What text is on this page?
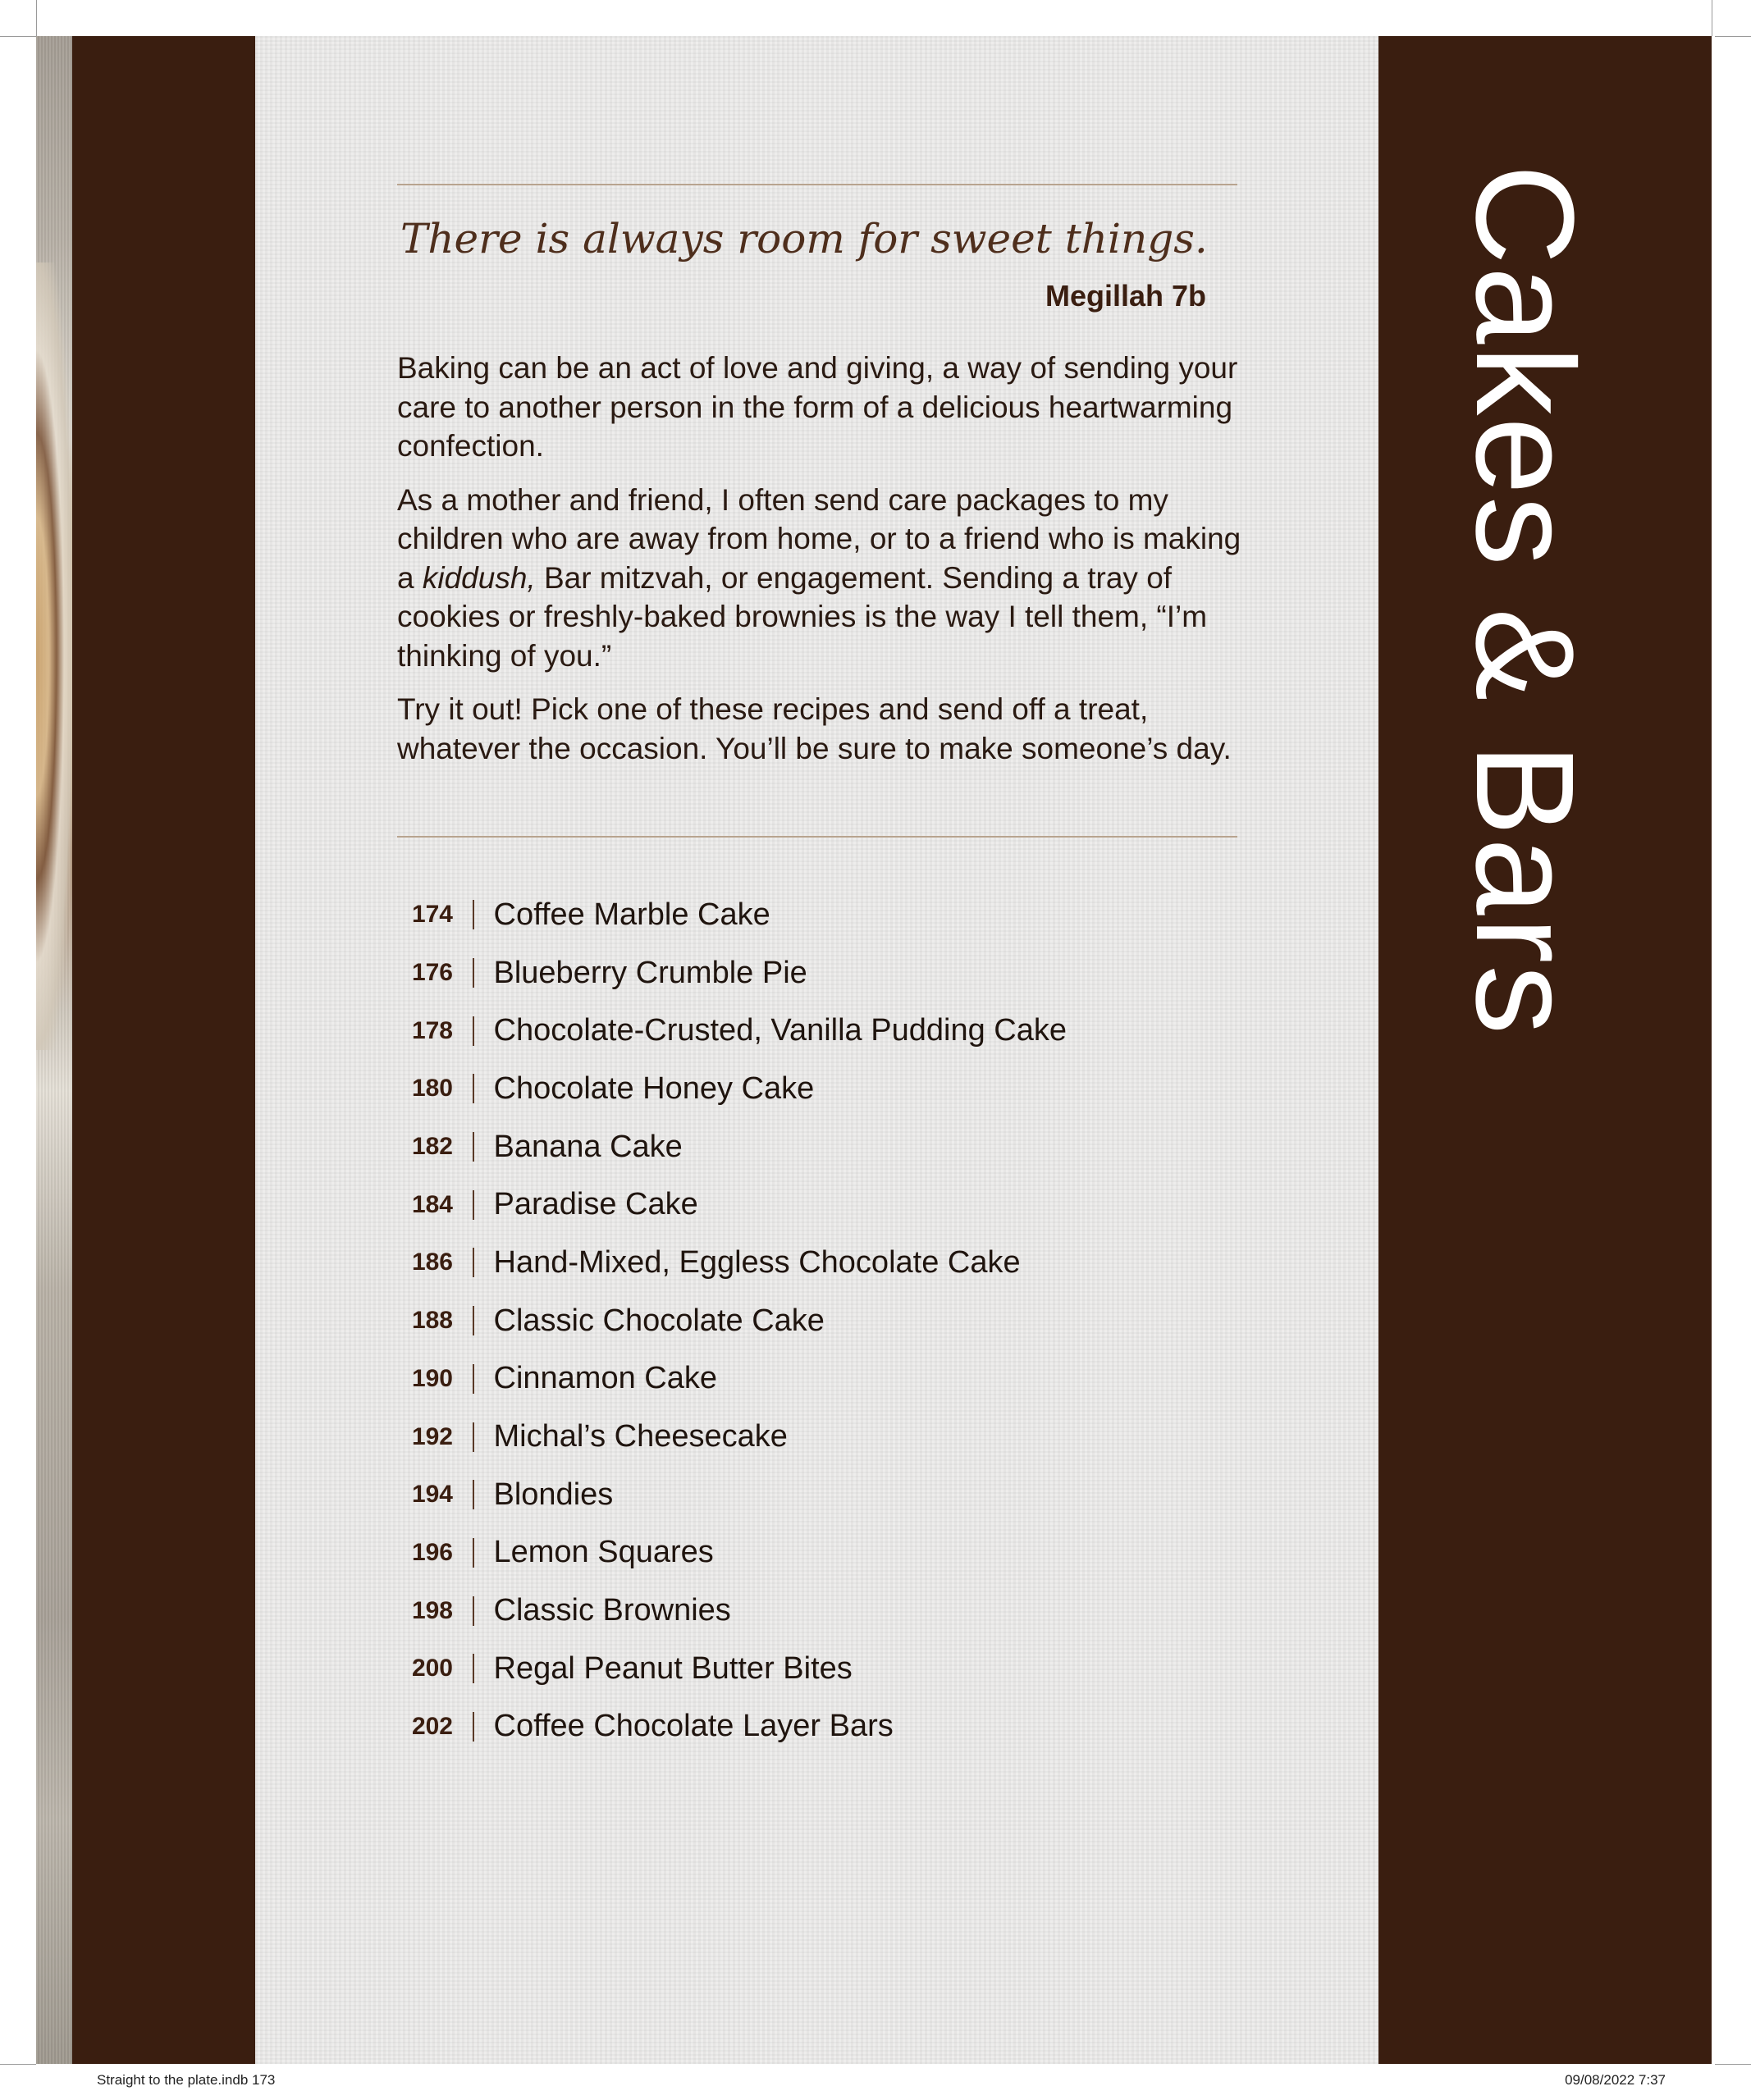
Cakes & Bars
There is always room for sweet things.
Megillah 7b

Baking can be an act of love and giving, a way of sending your care to another person in the form of a delicious heartwarming confection.

As a mother and friend, I often send care packages to my children who are away from home, or to a friend who is making a kiddush, Bar mitzvah, or engagement. Sending a tray of cookies or freshly-baked brownies is the way I tell them, “I’m thinking of you.”

Try it out! Pick one of these recipes and send off a treat, whatever the occasion. You’ll be sure to make someone’s day.

174 Coffee Marble Cake
176 Blueberry Crumble Pie
178 Chocolate-Crusted, Vanilla Pudding Cake
180 Chocolate Honey Cake
182 Banana Cake
184 Paradise Cake
186 Hand-Mixed, Eggless Chocolate Cake
188 Classic Chocolate Cake
190 Cinnamon Cake
192 Michal’s Cheesecake
194 Blondies
196 Lemon Squares
198 Classic Brownies
200 Regal Peanut Butter Bites
202 Coffee Chocolate Layer Bars
Straight to the plate.indb 173	09/08/2022 7:37
